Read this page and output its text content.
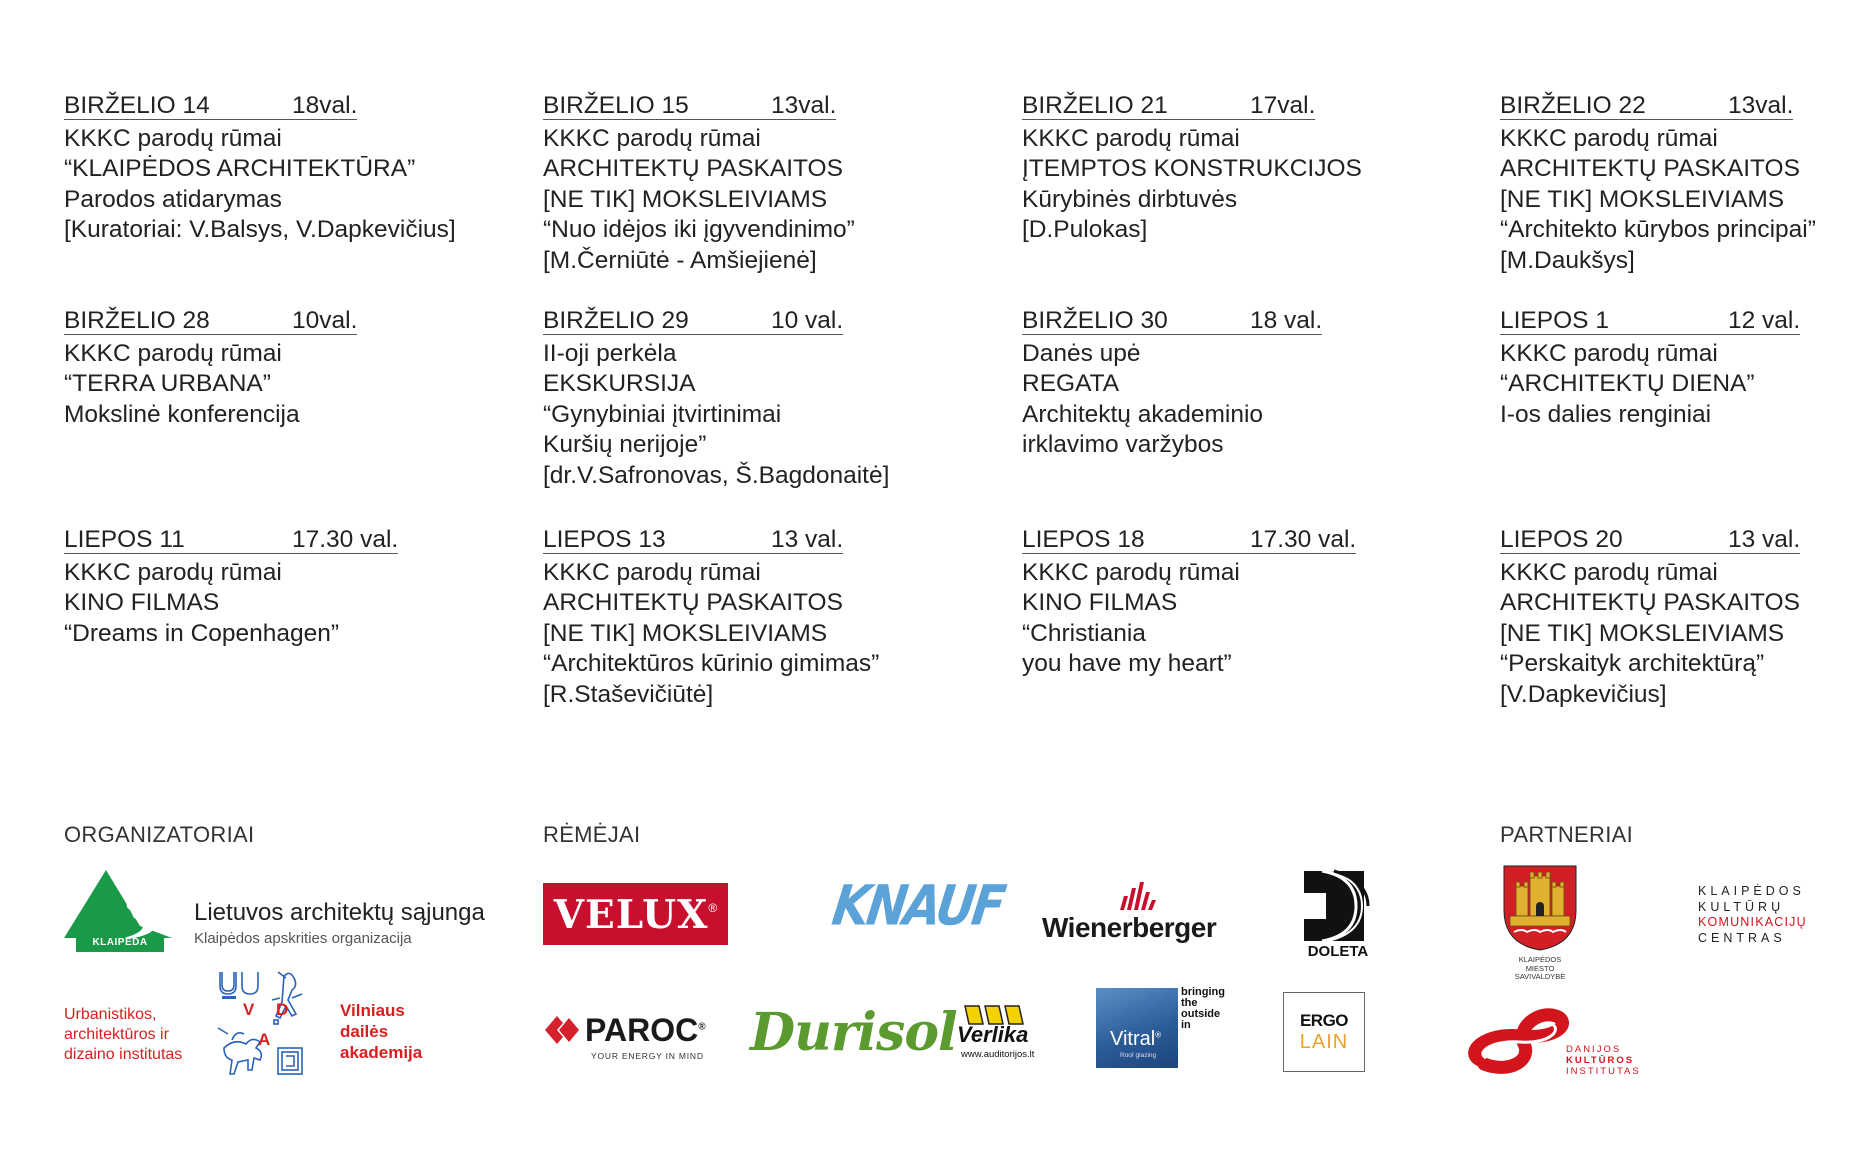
BIRŽELIO 14	18val.
KKKC parodų rūmai
“KLAIPĖDOS ARCHITEKTŪRA”
Parodos atidarymas
[Kuratoriai: V.Balsys, V.Dapkevičius]
BIRŽELIO 15	13val.
KKKC parodų rūmai
ARCHITEKTŲ PASKAITOS
[NE TIK] MOKSLEIVIAMS
“Nuo idėjos iki įgyvendinimo”
[M.Černiūtė - Amšiejienė]
BIRŽELIO 21	17val.
KKKC parodų rūmai
ĮTEMPTOS KONSTRUKCIJOS
Kūrybinės dirbtuvės
[D.Pulokas]
BIRŽELIO 22	13val.
KKKC parodų rūmai
ARCHITEKTŲ PASKAITOS
[NE TIK] MOKSLEIVIAMS
“Architekto kūrybos principai”
[M.Daukšys]
BIRŽELIO 28	10val.
KKKC parodų rūmai
“TERRA URBANA”
Mokslinė konferencija
BIRŽELIO 29	10 val.
II-oji perkėla
EKSKURSIJA
“Gynybiniai įtvirtinimai
Kuršių nerijoje”
[dr.V.Safronovas, Š.Bagdonaitė]
BIRŽELIO 30	18 val.
Danės upė
REGATA
Architektų akademinio
irklavimo varžybos
LIEPOS 1	12 val.
KKKC parodų rūmai
“ARCHITEKTŲ DIENA”
I-os dalies renginiai
LIEPOS 11	17.30 val.
KKKC parodų rūmai
KINO FILMAS
“Dreams in Copenhagen”
LIEPOS 13	13 val.
KKKC parodų rūmai
ARCHITEKTŲ PASKAITOS
[NE TIK] MOKSLEIVIAMS
“Architektūros kūrinio gimimas”
[R.Staševičiūtė]
LIEPOS 18	17.30 val.
KKKC parodų rūmai
KINO FILMAS
“Christiania
you have my heart”
LIEPOS 20	13 val.
KKKC parodų rūmai
ARCHITEKTŲ PASKAITOS
[NE TIK] MOKSLEIVIAMS
“Perskaityk architektūrą”
[V.Dapkevičius]
ORGANIZATORIAI	RĖMĖJAI	PARTNERIAI
KLAIPĖDA
Lietuvos architektų sąjunga
Klaipėdos apskrities organizacija
Urbanistikos,
architektūros ir
dizaino institutas
V D
A
Vilniaus
dailės
akademija
VELUX® KNAUF Wienerberger
DOLETA
PAROC®
YOUR ENERGY IN MIND Durisol Verlika
www.auditorijos.lt
Vitral®
Roof glazing
bringing
the
outside
in	ERGO
LAIN
KLAIPĖDOS
MIESTO
SAVIVALDYBĖ
KLAIPĖDOS
KULTŪRŲ
KOMUNIKACIJŲ
CENTRAS
DANIJOS
KULTŪROS
INSTITUTAS
